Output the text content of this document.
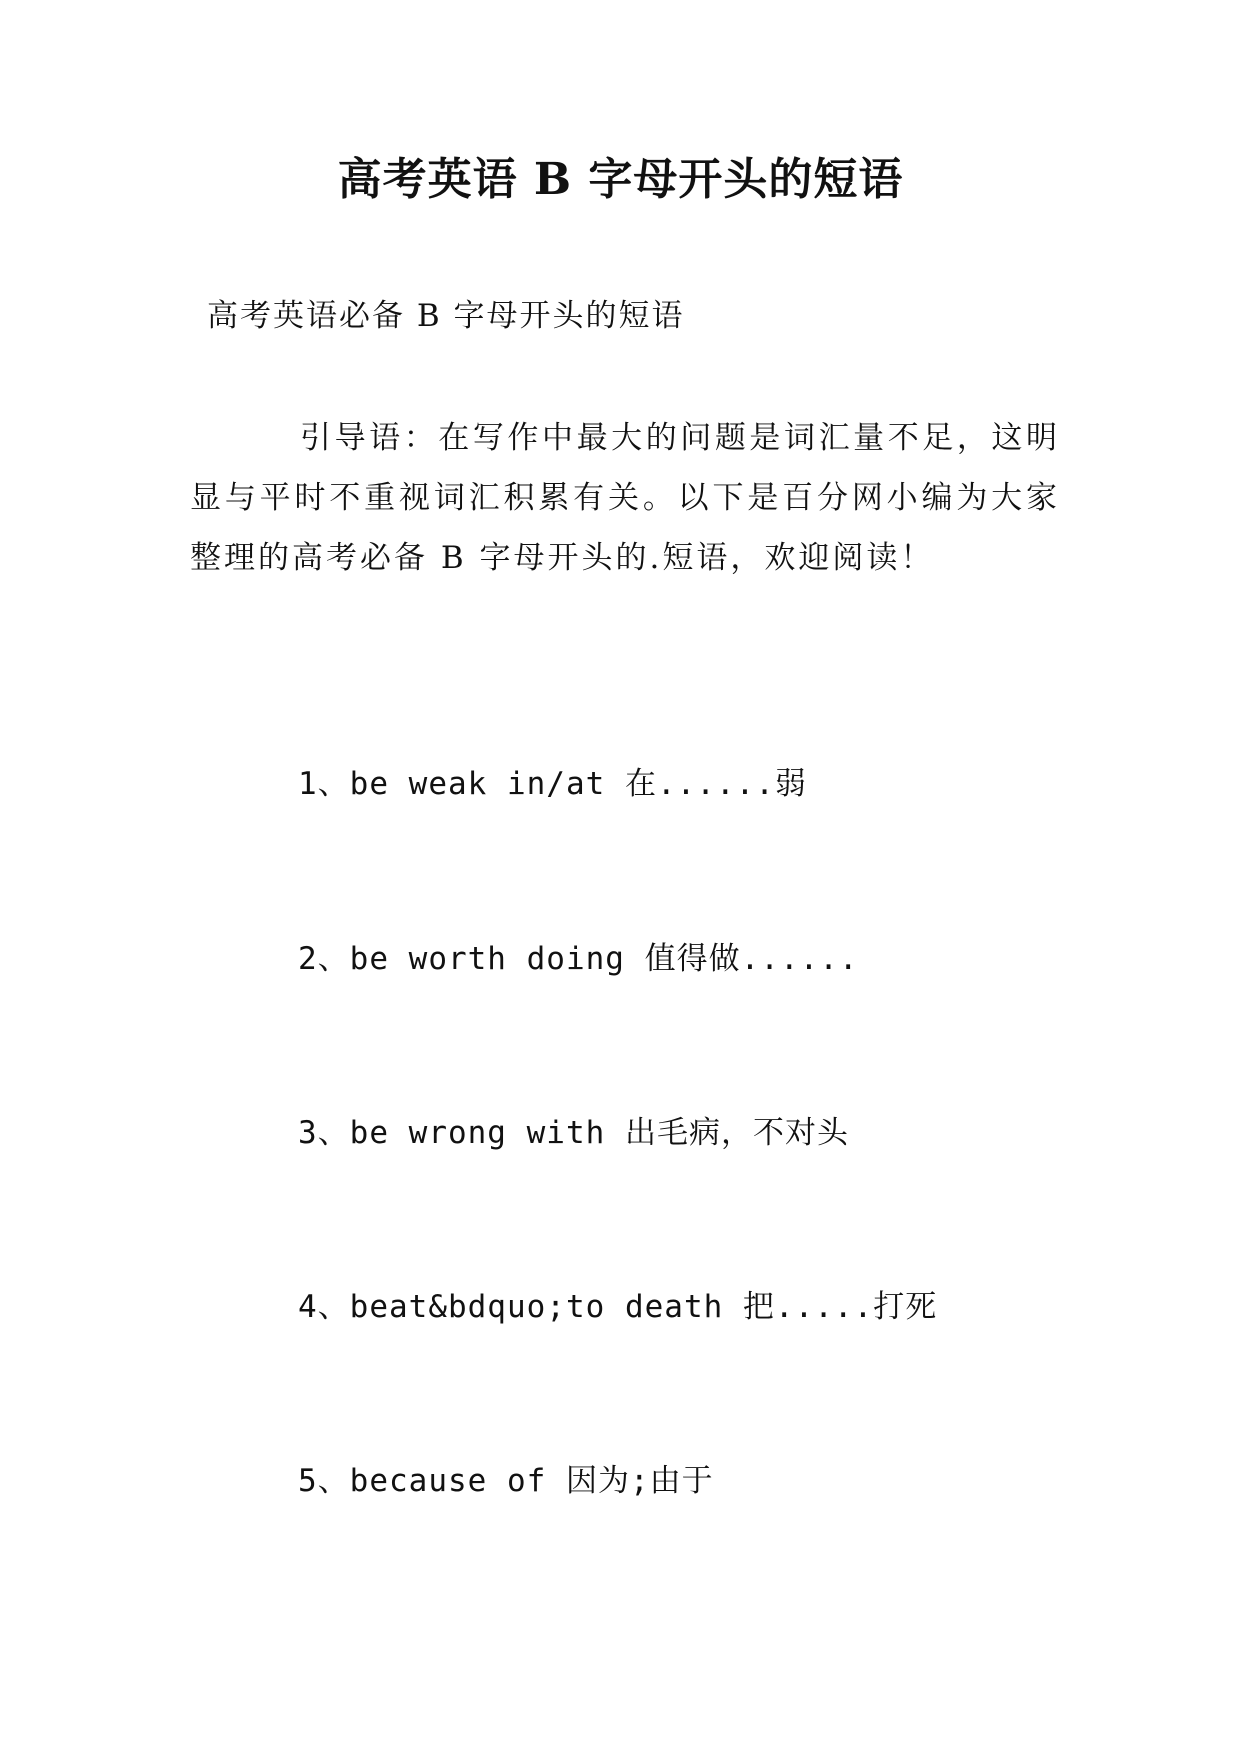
高考英语 B 字母开头的短语
高考英语必备 B 字母开头的短语
引导语：在写作中最大的问题是词汇量不足，这明显与平时不重视词汇积累有关。以下是百分网小编为大家整理的高考必备 B 字母开头的.短语，欢迎阅读！
1、be weak in/at 在......弱
2、be worth doing 值得做......
3、be wrong with 出毛病，不对头
4、beat&bdquo;to death 把.....打死
5、because of 因为;由于
